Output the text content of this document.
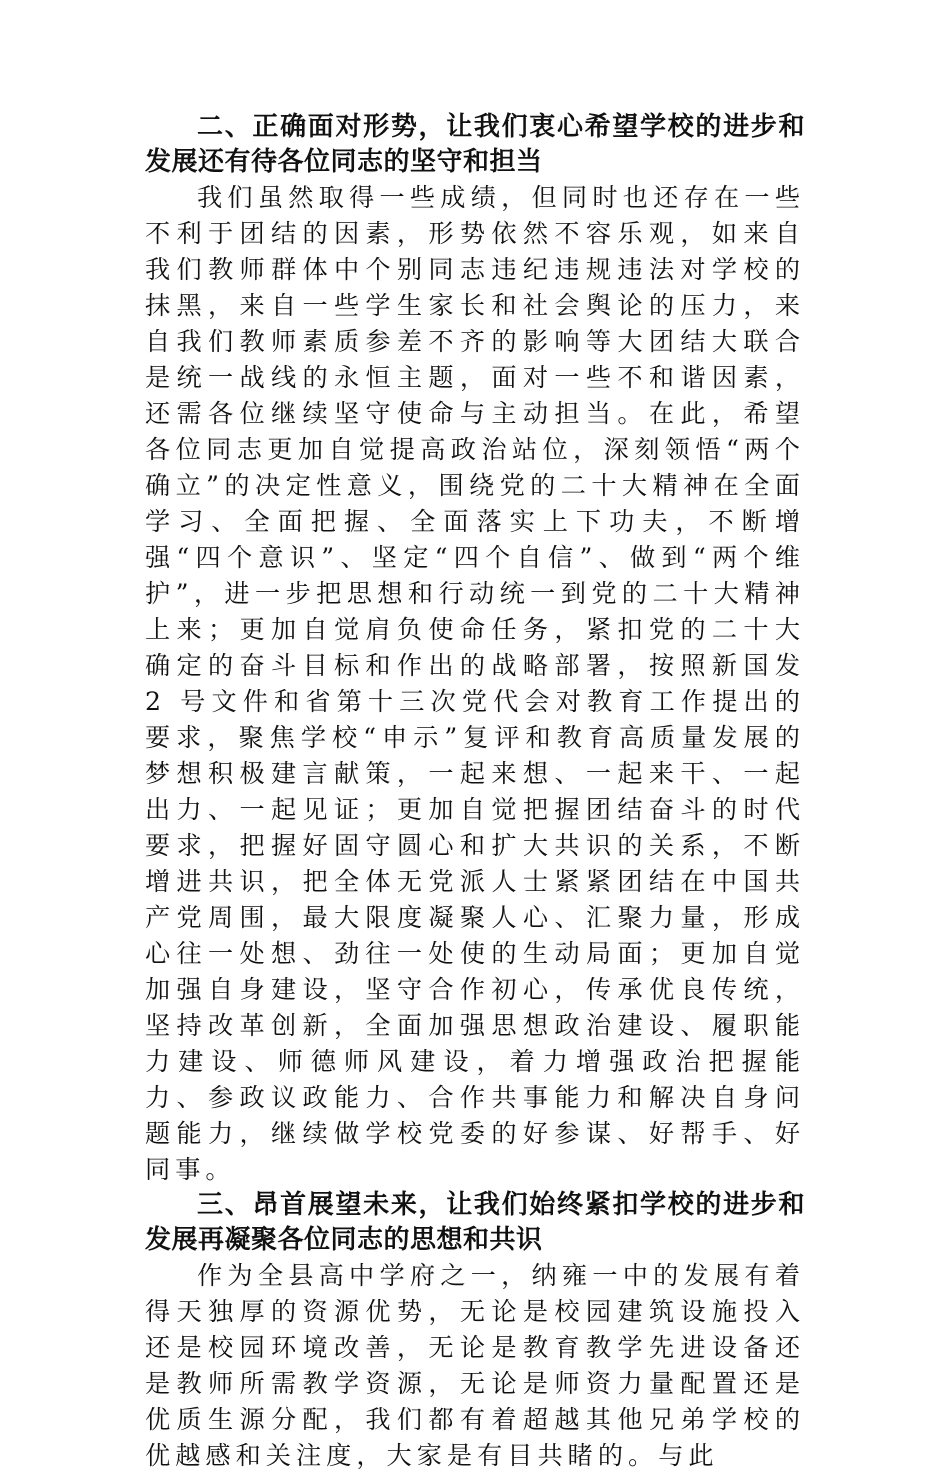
二、正确面对形势，让我们衷心希望学校的进步和发展还有待各位同志的坚守和担当

我们虽然取得一些成绩，但同时也还存在一些不利于团结的因素，形势依然不容乐观，如来自我们教师群体中个别同志违纪违规违法对学校的抹黑，来自一些学生家长和社会舆论的压力，来自我们教师素质参差不齐的影响等大团结大联合是统一战线的永恒主题，面对一些不和谐因素，还需各位继续坚守使命与主动担当。在此，希望各位同志更加自觉提高政治站位，深刻领悟“两个确立”的决定性意义，围绕党的二十大精神在全面学习、全面把握、全面落实上下功夫，不断增强“四个意识”、坚定“四个自信”、做到“两个维护”，进一步把思想和行动统一到党的二十大精神上来；更加自觉肩负使命任务，紧扣党的二十大确定的奋斗目标和作出的战略部署，按照新国发 2 号文件和省第十三次党代会对教育工作提出的要求，聚焦学校“申示”复评和教育高质量发展的梦想积极建言献策，一起来想、一起来干、一起出力、一起见证；更加自觉把握团结奋斗的时代要求，把握好固守圆心和扩大共识的关系，不断增进共识，把全体无党派人士紧紧团结在中国共产党周围，最大限度凝聚人心、汇聚力量，形成心往一处想、劲往一处使的生动局面；更加自觉加强自身建设，坚守合作初心，传承优良传统，坚持改革创新，全面加强思想政治建设、履职能力建设、师德师风建设，着力增强政治把握能力、参政议政能力、合作共事能力和解决自身问题能力，继续做学校党委的好参谋、好帮手、好同事。

三、昂首展望未来，让我们始终紧扣学校的进步和发展再凝聚各位同志的思想和共识

作为全县高中学府之一，纳雍一中的发展有着得天独厚的资源优势，无论是校园建筑设施投入还是校园环境改善，无论是教育教学先进设备还是教师所需教学资源，无论是师资力量配置还是优质生源分配，我们都有着超越其他兄弟学校的优越感和关注度，大家是有目共睹的。与此
